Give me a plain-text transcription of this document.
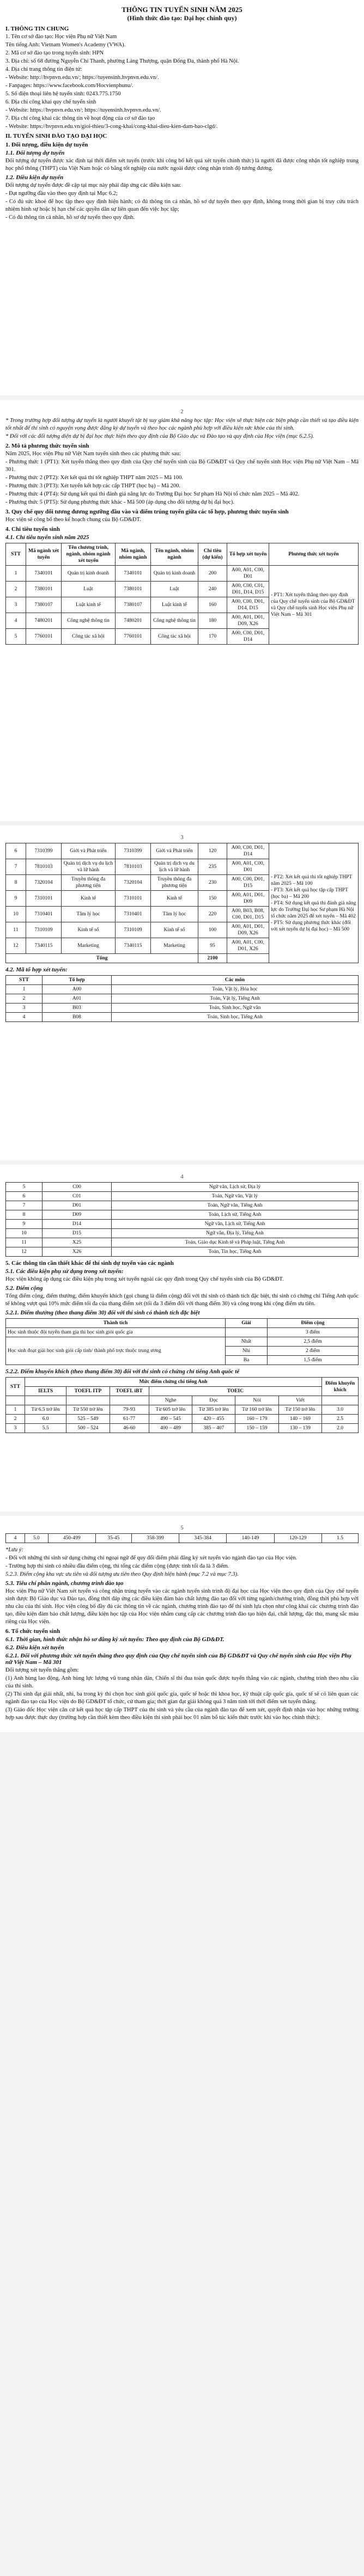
THÔNG TIN TUYỂN SINH NĂM 2025
(Hình thức đào tạo: Đại học chính quy)
I. THÔNG TIN CHUNG
1. Tên cơ sở đào tạo: Học viện Phụ nữ Việt Nam
Tên tiếng Anh: Vietnam Women's Academy (VWA).
2. Mã cơ sở đào tạo trong tuyển sinh: HPN
3. Địa chỉ: số 68 đường Nguyễn Chí Thanh, phường Láng Thượng, quận Đống Đa, thành phố Hà Nội.
4. Địa chỉ trang thông tin điện tử:
- Website: http://hvpnvn.edu.vn/; https://tuyensinh.hvpnvn.edu.vn/.
- Fanpages: https://www.facebook.com/Hocvienphunu/.
5. Số điện thoại liên hệ tuyển sinh: 0243.775.1750
6. Địa chỉ công khai quy chế tuyển sinh
- Website: https://hvpnvn.edu.vn/; https://tuyensinh.hvpnvn.edu.vn/.
7. Địa chỉ công khai các thông tin về hoạt động của cơ sở đào tạo
- Website: https://hvpnvn.edu.vn/gioi-thieu/3-cong-khai/cong-khai-dieu-kien-dam-bao-clgd/.
II. TUYỂN SINH ĐÀO TẠO ĐẠI HỌC
1. Đối tượng, điều kiện dự tuyển
1.1. Đối tượng dự tuyển

Đối tượng dự tuyển được xác định tại thời điểm xét tuyển (trước khi công bố kết quả xét tuyển chính thức) là người đã được công nhận tốt nghiệp trung học phổ thông (THPT) của Việt Nam hoặc có bằng tốt nghiệp của nước ngoài được công nhận trình độ tương đương.

1.2. Điều kiện dự tuyển

Đối tượng dự tuyển được đề cập tại mục này phải đáp ứng các điều kiện sau:

- Đạt ngưỡng đầu vào theo quy định tại Mục 6.2;

- Có đủ sức khoẻ để học tập theo quy định hiện hành; có đủ thông tin cá nhân, hồ sơ dự tuyển theo quy định, không trong thời gian bị truy cứu trách nhiệm hình sự hoặc bị hạn chế các quyền dân sự liên quan đến việc học tập;

- Có đủ thông tin cá nhân, hồ sơ dự tuyển theo quy định.

2

* Trong trường hợp đối tượng dự tuyển là người khuyết tật bị suy giảm khả năng học tập: Học viện sẽ thực hiện các biện pháp cần thiết và tạo điều kiện tốt nhất để thí sinh có nguyện vọng được đăng ký dự tuyển và theo học các ngành phù hợp với điều kiện sức khỏe của thí sinh.

* Đối với các đối tượng diện dự bị đại học thực hiện theo quy định của Bộ Giáo dục và Đào tạo và quy định của Học viện (mục 6.2.5).

2. Mô tả phương thức tuyển sinh

Năm 2025, Học viện Phụ nữ Việt Nam tuyển sinh theo các phương thức sau:

- Phương thức 1 (PT1): Xét tuyển thẳng theo quy định của Quy chế tuyển sinh của Bộ GD&ĐT và Quy chế tuyển sinh Học viện Phụ nữ Việt Nam – Mã 301.

- Phương thức 2 (PT2): Xét kết quả thi tốt nghiệp THPT năm 2025 – Mã 100.

- Phương thức 3 (PT3): Xét tuyển kết hợp các cấp THPT (học bạ) – Mã 200.

- Phương thức 4 (PT4): Sử dụng kết quả thi đánh giá năng lực do Trường Đại học Sư phạm Hà Nội tổ chức năm 2025 – Mã 402.

- Phương thức 5 (PT5): Sử dụng phương thức khác - Mã 500 (áp dụng cho đối tượng dự bị đại học).

3. Quy chế quy đổi tương đương ngưỡng đầu vào và điểm trúng tuyển giữa các tổ hợp, phương thức tuyển sinh

Học viện sẽ công bố theo kế hoạch chung của Bộ GD&ĐT.

4. Chi tiêu tuyển sinh
4.1. Chỉ tiêu tuyển sinh năm 2025
STT	Mã ngành xét tuyển	Tên chương trình, ngành, nhóm ngành xét tuyển	Mã ngành, nhóm ngành	Tên ngành, nhóm ngành	Chỉ tiêu (dự kiến)	Tổ hợp xét tuyển	Phương thức xét tuyển
1	7340101	Quản trị kinh doanh	7340101	Quản trị kinh doanh	200	A00, A01, C00, D01	- PT1: Xét tuyển thẳng theo quy định của Quy chế tuyển sinh của Bộ GD&ĐT và Quy chế tuyển sinh Học viện Phụ nữ Việt Nam – Mã 301
2	7380101	Luật	7380101	Luật	240	A00, C00, C01, D01, D14, D15	
3	7380107	Luật kinh tế	7380107	Luật kinh tế	160	A00, C00, D01, D14, D15	
4	7480201	Công nghệ thông tin	7480201	Công nghệ thông tin	180	A00, A01, D01, D09, X26	
5	7760101	Công tác xã hội	7760101	Công tác xã hội	170	A00, C00, D01, D14	
3
6	7310399	Giới và Phát triển	7310399	Giới và Phát triển	120	A00, C00, D01, D14	- PT2: Xét kết quả thi tốt nghiệp THPT năm 2025 – Mã 100
- PT3: Xét kết quả học tập cấp THPT (học bạ) – Mã 200
- PT4: Sử dụng kết quả thi đánh giá năng lực do Trường Đại học Sư phạm Hà Nội tổ chức năm 2025 để xét tuyển – Mã 402
- PT5: Sử dụng phương thức khác (đối với xét tuyển dự bị đại học) – Mã 500

7	7810103	Quản trị dịch vụ du lịch và lữ hành	7810103	Quản trị dịch vụ du lịch và lữ hành	235	A00, A01, C00, D01	
8	7320104	Truyền thông đa phương tiện	7320104	Truyền thông đa phương tiện	230	A00, C00, D01, D15	
9	7310101	Kinh tế	7310101	Kinh tế	150	A00, A01, D01, D09	
10	7310401	Tâm lý học	7310401	Tâm lý học	220	A00, B03, B08, C00, D01, D15	
11	7310109	Kinh tế số	7310109	Kinh tế số	100	A00, A01, D01, D09, X26	
12	7340115	Marketing	7340115	Marketing	95	A00, A01, C00, D01, X26	
Tổng					2100		
4.2. Mã tổ hợp xét tuyển:
STT	Tổ hợp	Các môn
1	A00	Toán, Vật lý, Hóa học
2	A01	Toán, Vật lý, Tiếng Anh
3	B03	Toán, Sinh học, Ngữ văn
4	B08	Toán, Sinh học, Tiếng Anh
4
5	C00	Ngữ văn, Lịch sử, Địa lý
6	C01	Toán, Ngữ văn, Vật lý
7	D01	Toán, Ngữ văn, Tiếng Anh
8	D09	Toán, Lịch sử, Tiếng Anh
9	D14	Ngữ văn, Lịch sử, Tiếng Anh
10	D15	Ngữ văn, Địa lý, Tiếng Anh
11	X25	Toán, Giáo dục Kinh tế và Pháp luật, Tiếng Anh
12	X26	Toán, Tin học, Tiếng Anh
5. Các thông tin cần thiết khác để thí sinh dự tuyển vào các ngành
5.1. Các điều kiện phụ sử dụng trong xét tuyển:

Học viện không áp dụng các điều kiện phụ trong xét tuyển ngoài các quy định trong Quy chế tuyển sinh của Bộ GD&ĐT.

5.2. Điểm cộng

Tổng điểm cộng, điểm thưởng, điểm khuyến khích (gọi chung là điểm cộng) đối với thí sinh có thành tích đặc biệt, thí sinh có chứng chỉ Tiếng Anh quốc tế không vượt quá 10% mức điểm tối đa của thang điểm xét (tối đa 3 điểm đối với thang điểm 30) và công trọng khi cộng điểm ưu tiên.

5.2.1. Điểm thưởng (theo thang điểm 30) đối với thí sinh có thành tích đặc biệt
Thành tích	Giải	Điểm cộng
Học sinh thuộc đội tuyển tham gia thi học sinh giỏi quốc gia		3 điểm
Học sinh đoạt giải học sinh giỏi cấp tỉnh/ thành phố trực thuộc trung ương	Nhất	2,5 điểm
	Nhì	2 điểm
	Ba	1,5 điểm
5.2.2. Điểm khuyến khích (theo thang điểm 30) đối với thí sinh có chứng chỉ tiếng Anh quốc tế
STT	Mức điểm chứng chỉ tiếng Anh							Điểm khuyến khích
	IELTS	TOEFL ITP	TOEFL iBT	TOEIC				
				Nghe	Đọc	Nói	Viết	
1	Từ 6.5 trở lên	Từ 550 trở lên	79-93	Từ 605 trở lên	Từ 385 trở lên	Từ 160 trở lên	Từ 150 trở lên	3.0
2	6.0	525 – 549	61-77	490 – 545	420 – 455	160 – 179	140 – 169	2.5
3	5.5	500 – 524	46-60	400 – 489	385 – 407	150 – 159	130 – 139	2.0
5
4	5.0	450-499	35-45	358-399	345-384	140-149	120-129	1.5

*Lưu ý:

- Đối với những thí sinh sử dụng chứng chỉ ngoại ngữ để quy đổi điểm phải đăng ký xét tuyển vào ngành đào tạo của Học viện.

- Trường hợp thí sinh có nhiều đầu điểm cộng, thì tổng các điểm cộng (được tính tối đa là 3 điểm.

5.2.3. Điểm cộng khu vực ưu tiên và đối tượng ưu tiên theo Quy định hiện hành (mục 7.2 và mục 7.3).

5.3. Tiêu chí phân ngành, chương trình đào tạo

Học viện Phụ nữ Việt Nam xét tuyển và công nhận trúng tuyển vào các ngành tuyển sinh trình độ đại học của Học viện theo quy định của Quy chế tuyển sinh được Bộ Giáo dục và Đào tạo, đồng thời đáp ứng các điều kiện đảm bảo chất lượng đào tạo đối với từng ngành/chương trình, đồng thời phù hợp với nhu cầu của thí sinh. Học viện công bố đầy đủ các thông tin về các ngành, chương trình đào tạo để thí sinh lựa chọn như công khai các chương trình đào tạo, điều kiện đảm bảo chất lượng, điều kiện học tập của Học viện nhằm cung cấp các chương trình đào tạo hiện đại, chất lượng, đặc thù, mang sắc màu riêng của Học viện.

6. Tổ chức tuyển sinh
6.1. Thời gian, hình thức nhận hồ sơ đăng ký xét tuyển: Theo quy định của Bộ GD&ĐT.
6.2. Điều kiện xét tuyển
6.2.1. Đối với phương thức xét tuyển thẳng theo quy định của Quy chế tuyển sinh của Bộ GD&ĐT và Quy chế tuyển sinh của Học viện Phụ nữ Việt Nam – Mã 301

Đối tượng xét tuyển thẳng gồm:

(1) Anh hùng lao động, Anh hùng lực lượng vũ trang nhân dân, Chiến sĩ thi đua toàn quốc được tuyển thẳng vào các ngành, chương trình theo nhu cầu của thí sinh.

(2) Thí sinh đạt giải nhất, nhì, ba trong kỳ thi chọn học sinh giỏi quốc gia, quốc tế hoặc thi khoa học, kỹ thuật cấp quốc gia, quốc tế sẽ có liên quan các ngành đào tạo của Học viện do Bộ GD&ĐT tổ chức, cử tham gia; thời gian đạt giải không quá 3 năm tính tới thời điểm xét tuyển thẳng.

(3) Giáo đốc Học viện căn cứ kết quả học tập cấp THPT của thí sinh và yêu cầu của ngành đào tạo để xem xét, quyết định nhận vào học những trường hợp sau được thực duy (trường hợp cần thiết kèm theo điều kiện thí sinh phải học 01 năm bổ túc kiến thức trước khi vào học chính thức):
